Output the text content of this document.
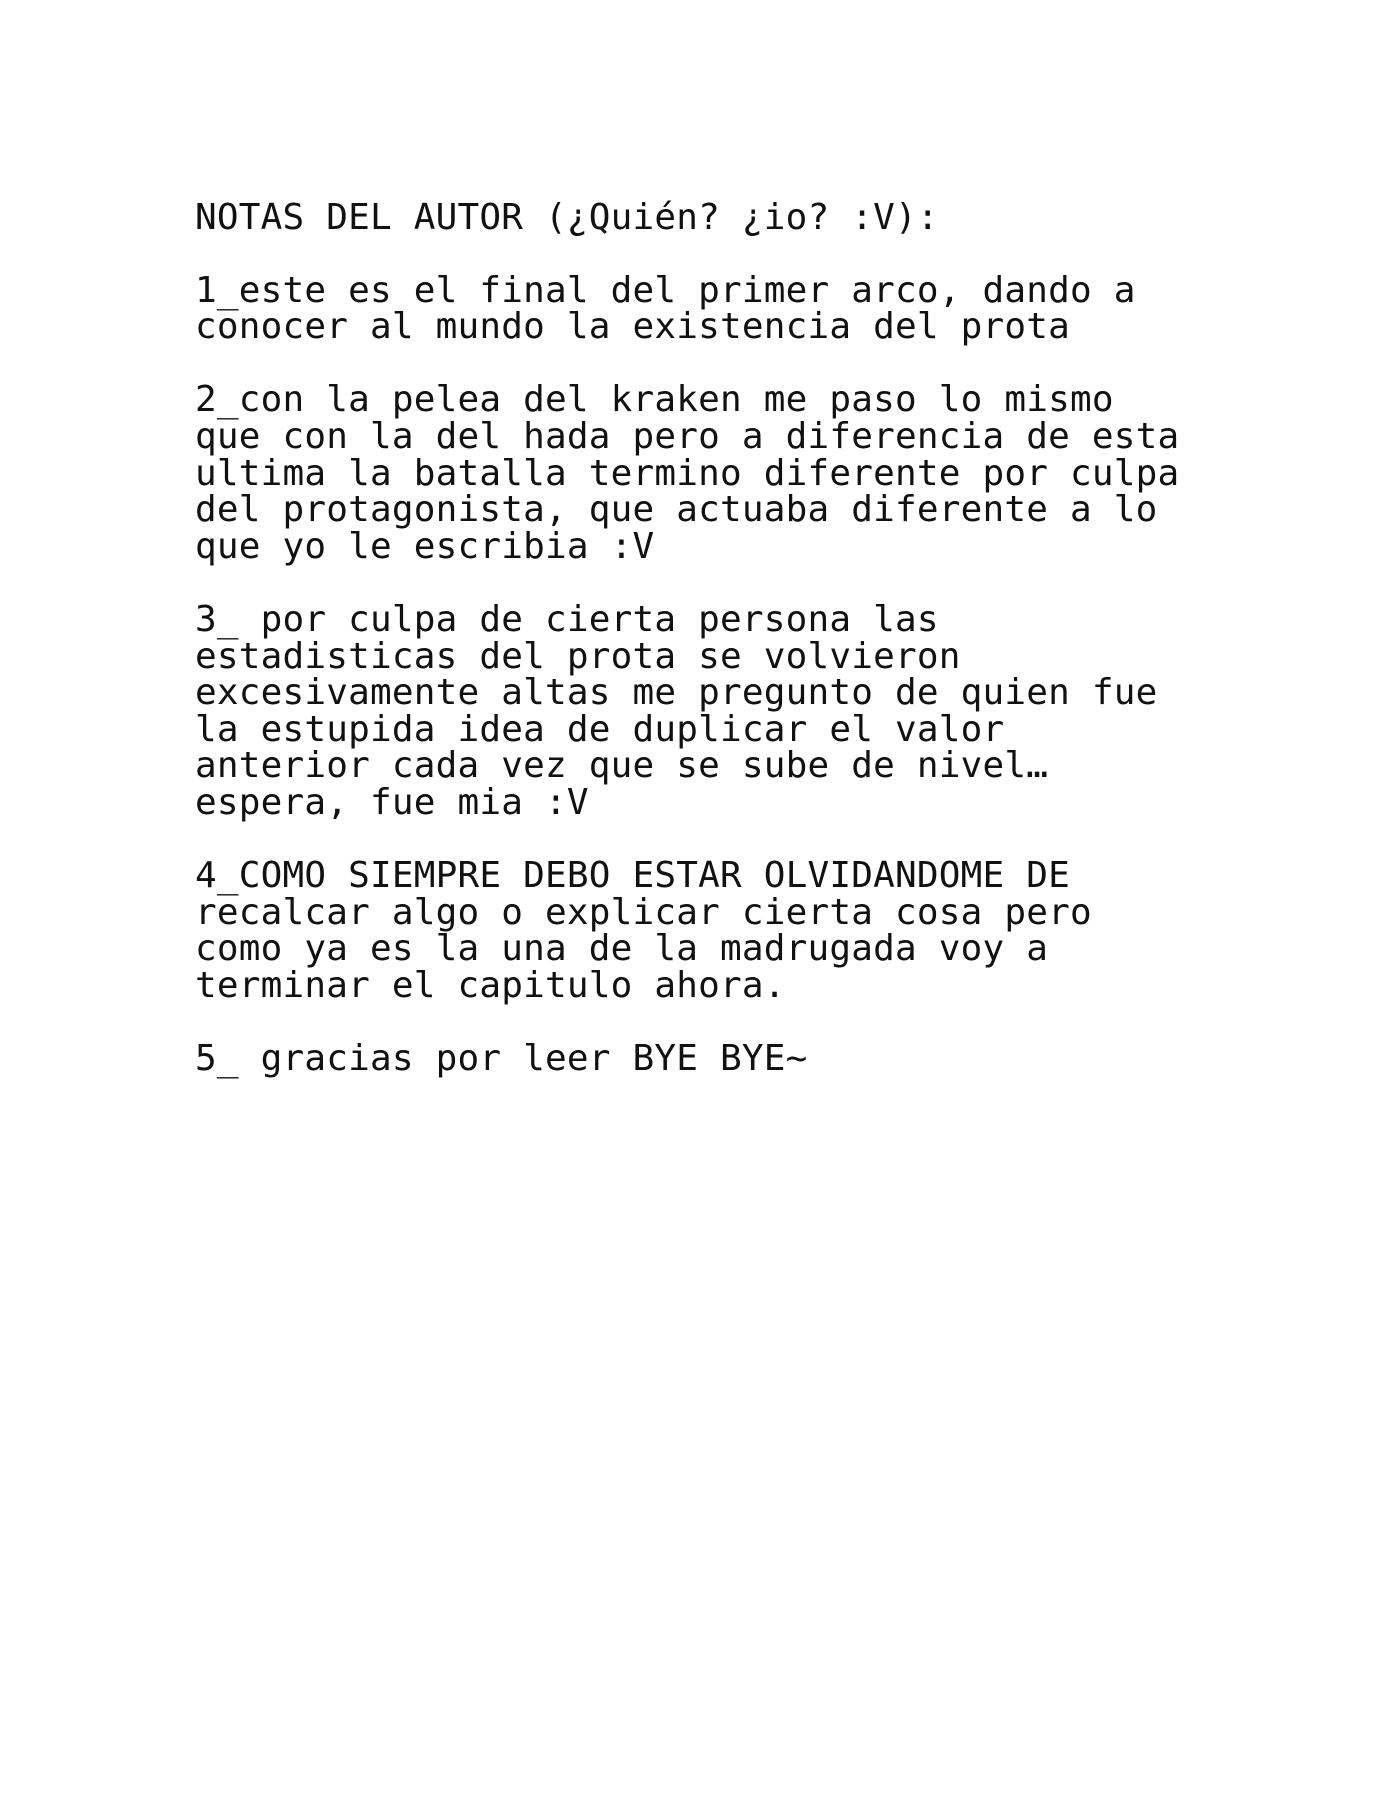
NOTAS DEL AUTOR (¿Quién? ¿io? :V):
1_este es el final del primer arco, dando a
conocer al mundo la existencia del prota
2_con la pelea del kraken me paso lo mismo
que con la del hada pero a diferencia de esta
ultima la batalla termino diferente por culpa
del protagonista, que actuaba diferente a lo
que yo le escribia :V
3_ por culpa de cierta persona las
estadisticas del prota se volvieron
excesivamente altas me pregunto de quien fue
la estupida idea de duplicar el valor
anterior cada vez que se sube de nivel…
espera, fue mia :V
4_COMO SIEMPRE DEBO ESTAR OLVIDANDOME DE
recalcar algo o explicar cierta cosa pero
como ya es la una de la madrugada voy a
terminar el capitulo ahora.
5_ gracias por leer BYE BYE~
